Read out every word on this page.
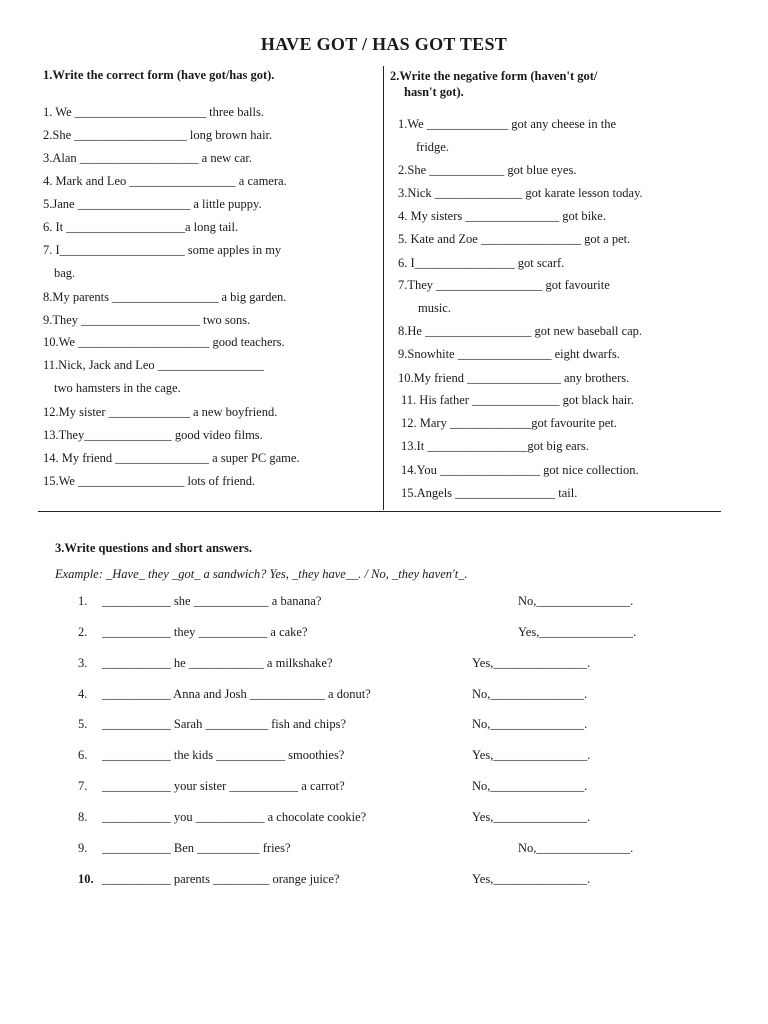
HAVE GOT / HAS GOT TEST
1.Write the correct form (have got/has got).
1. We _____________________ three balls.
2.She __________________ long brown hair.
3.Alan ___________________ a new car.
4. Mark and Leo _________________ a camera.
5.Jane __________________ a little puppy.
6. It ___________________a long tail.
7. I____________________ some apples in my
bag.
8.My parents _________________ a big garden.
9.They ___________________ two sons.
10.We _____________________ good teachers.
11.Nick, Jack and Leo _________________
two hamsters in the cage.
12.My sister _____________ a new boyfriend.
13.They______________ good video films.
14. My friend _______________ a super PC game.
15.We _________________ lots of friend.
2.Write the negative form (haven't got/
hasn't got).
1.We _____________ got any cheese in the
fridge.
2.She ____________ got blue eyes.
3.Nick ______________ got karate lesson today.
4. My sisters _______________ got bike.
5. Kate and Zoe ________________ got a pet.
6. I________________ got scarf.
7.They _________________ got favourite
music.
8.He _________________ got new baseball cap.
9.Snowhite _______________ eight dwarfs.
10.My friend _______________ any brothers.
11. His father ______________ got black hair.
12. Mary _____________got favourite pet.
13.It ________________got big ears.
14.You ________________ got nice collection.
15.Angels ________________ tail.
3.Write questions and short answers.
Example: _Have_ they _got_ a sandwich? Yes, _they have__. / No, _they haven't_.
1. ___________ she ____________ a banana?	No,_______________.
2. ___________ they ___________ a cake?	Yes,_______________.
3. ___________ he ____________ a milkshake?	Yes,_______________.
4. ___________ Anna and Josh ____________ a donut?	No,_______________.
5. ___________ Sarah __________ fish and chips?	No,_______________.
6. ___________ the kids ___________ smoothies?	Yes,_______________.
7. ___________ your sister ___________ a carrot?	No,_______________.
8. ___________ you ___________ a chocolate cookie?	Yes,_______________.
9. ___________ Ben __________ fries?	No,_______________.
10. ___________ parents _________ orange juice?	Yes,_______________.
